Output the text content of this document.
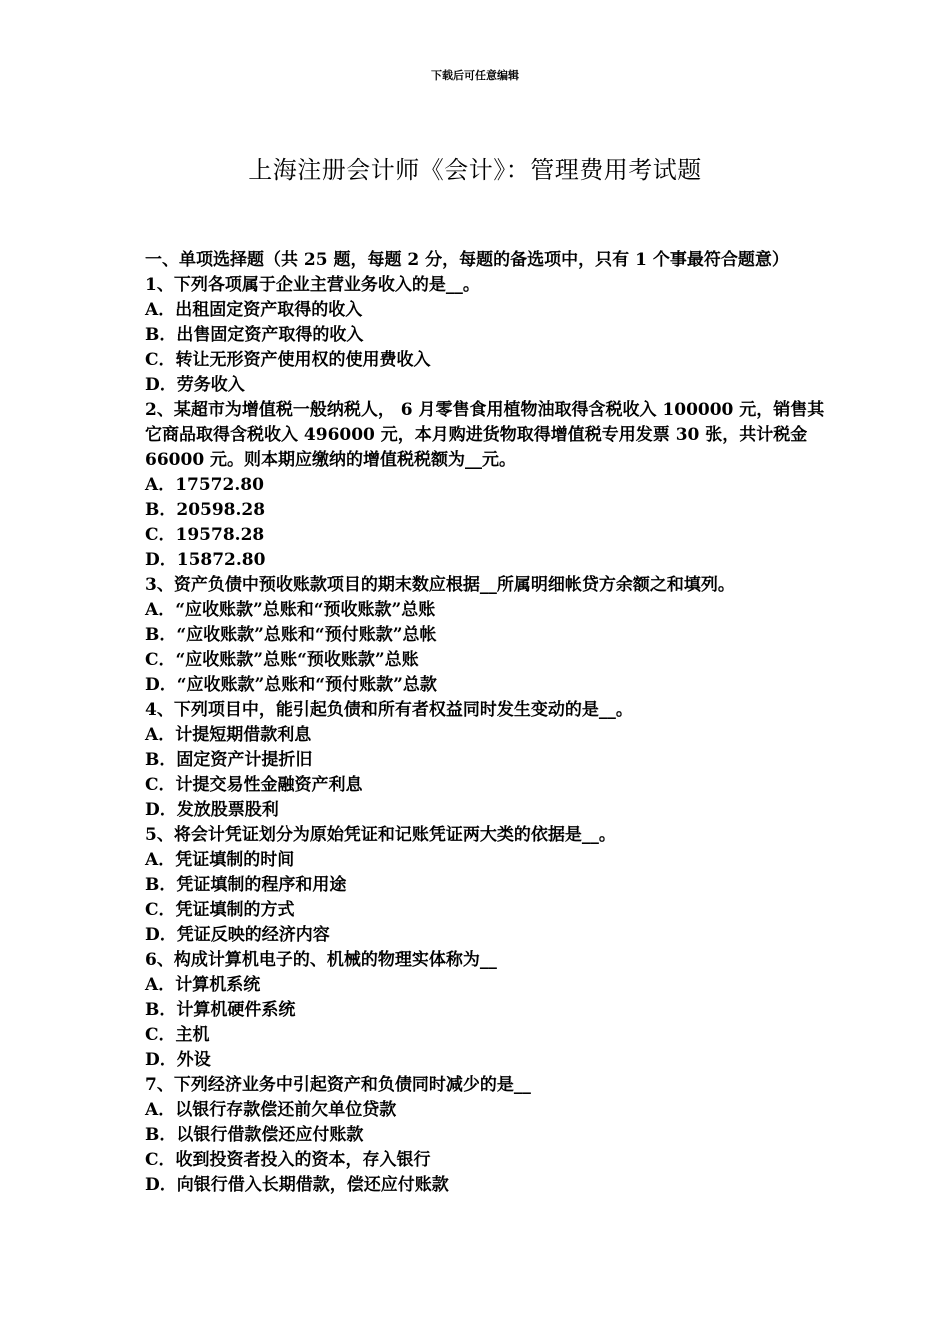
下载后可任意编辑
上海注册会计师《会计》：管理费用考试题
一、单项选择题（共 25 题，每题 2 分，每题的备选项中，只有 1 个事最符合题意）
1、下列各项属于企业主营业务收入的是__。
A．出租固定资产取得的收入
B．出售固定资产取得的收入
C．转让无形资产使用权的使用费收入
D．劳务收入
2、某超市为增值税一般纳税人， 6 月零售食用植物油取得含税收入 100000 元，销售其它商品取得含税收入 496000 元，本月购进货物取得增值税专用发票 30 张，共计税金 66000 元。则本期应缴纳的增值税税额为__元。
A．17572.80
B．20598.28
C．19578.28
D．15872.80
3、资产负债中预收账款项目的期末数应根据__所属明细帐贷方余额之和填列。
A．“应收账款”总账和“预收账款”总账
B．“应收账款”总账和“预付账款”总帐
C．“应收账款”总账“预收账款”总账
D．“应收账款”总账和“预付账款”总款
4、下列项目中，能引起负债和所有者权益同时发生变动的是__。
A．计提短期借款利息
B．固定资产计提折旧
C．计提交易性金融资产利息
D．发放股票股利
5、将会计凭证划分为原始凭证和记账凭证两大类的依据是__。
A．凭证填制的时间
B．凭证填制的程序和用途
C．凭证填制的方式
D．凭证反映的经济内容
6、构成计算机电子的、机械的物理实体称为__
A．计算机系统
B．计算机硬件系统
C．主机
D．外设
7、下列经济业务中引起资产和负债同时减少的是__
A．以银行存款偿还前欠单位贷款
B．以银行借款偿还应付账款
C．收到投资者投入的资本，存入银行
D．向银行借入长期借款，偿还应付账款
